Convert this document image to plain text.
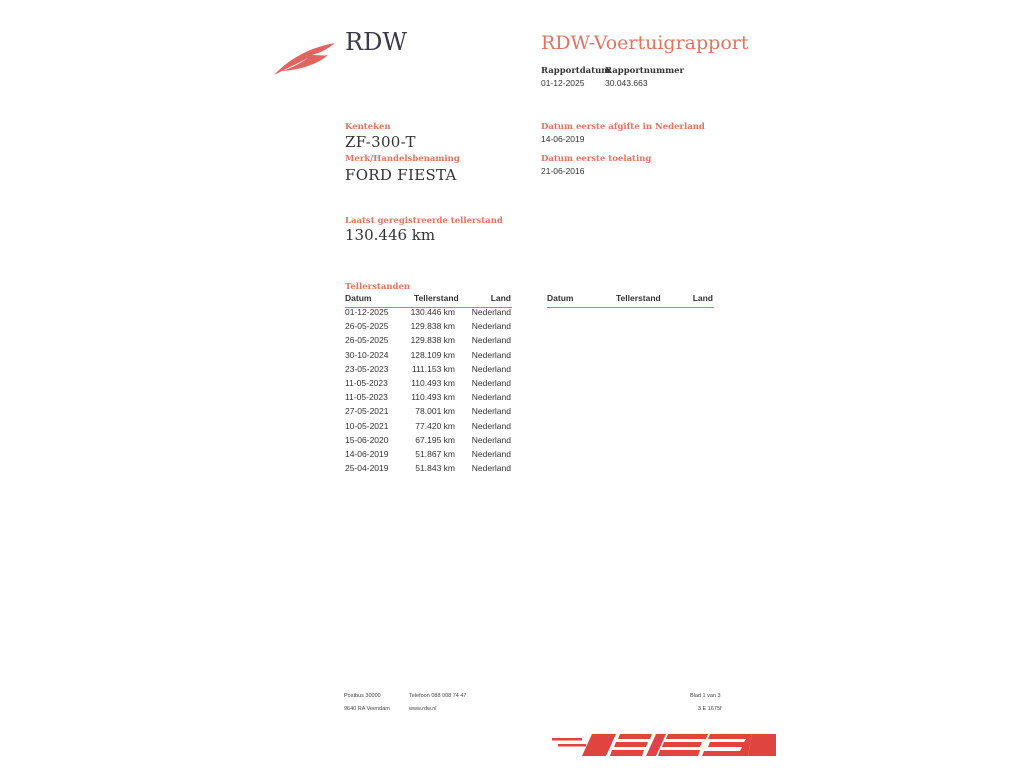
RDW	RDW-Voertuigrapport
Rapportdatum
01-12-2025
Rapportnummer
30.043.663
Kenteken
ZF-300-T
Merk/Handelsbenaming
FORD FIESTA
Datum eerste afgifte in Nederland
14-06-2019
Datum eerste toelating
21-06-2016
Laatst geregistreerde tellerstand
130.446 km
Tellerstanden
Datum	Tellerstand	Land	Datum	Tellerstand	Land
01-12-2025	130.446 km Nederland
26-05-2025	129.838 km Nederland
26-05-2025	129.838 km Nederland
30-10-2024	128.109 km Nederland
23-05-2023	111.153 km Nederland
11-05-2023	110.493 km Nederland
11-05-2023	110.493 km Nederland
27-05-2021	78.001 km Nederland
10-05-2021	77.420 km Nederland
15-06-2020	67.195 km Nederland
14-06-2019	51.867 km Nederland
25-04-2019	51.843 km Nederland
Postbus 30000
9640 RA Veendam
Telefoon 088 008 74 47
www.rdw.nl
Blad 1 van 3
3 E 1675f
